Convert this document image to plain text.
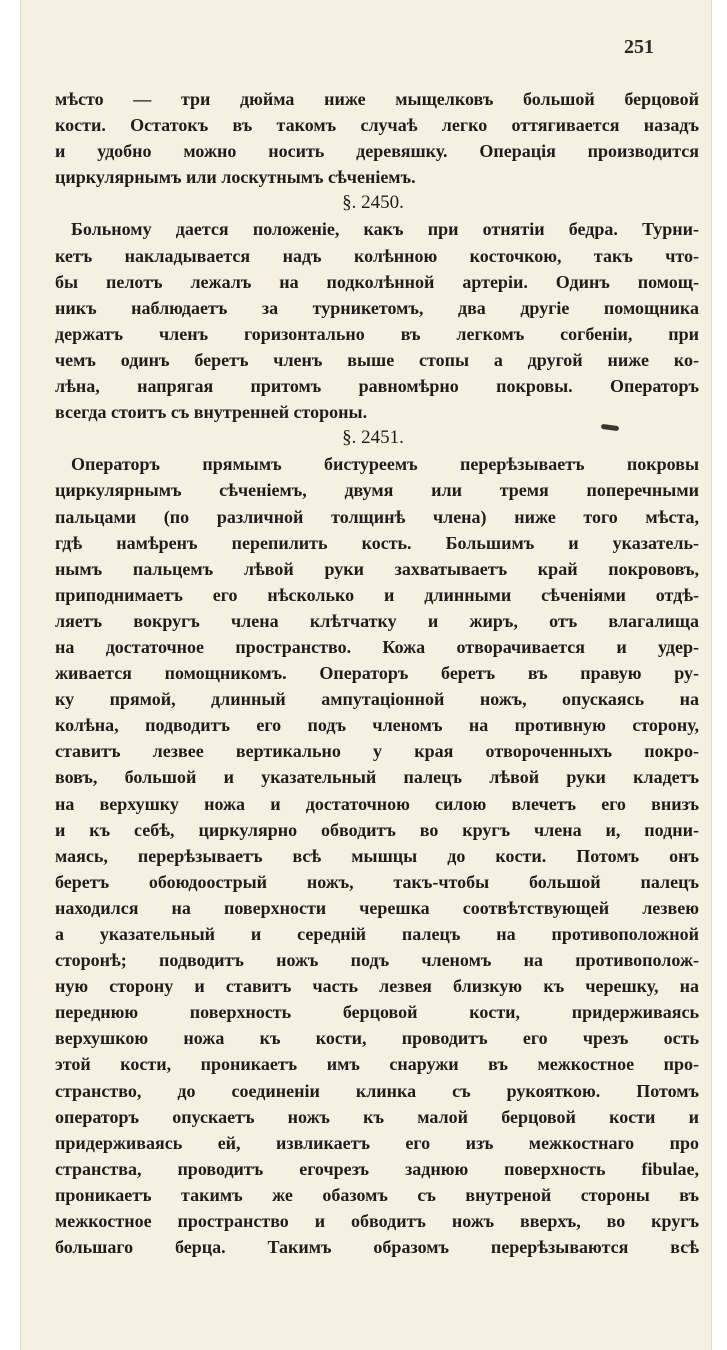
251
мѣсто — три дюйма ниже мыщелковъ большой берцовой
кости. Остатокъ въ такомъ случаѣ легко оттягивается назадъ
и удобно можно носить деревяшку. Операція производится
циркулярнымъ или лоскутнымъ сѣченіемъ.
§. 2450.
Больному дается положеніе, какъ при отнятіи бедра. Турни-
кетъ накладывается надъ колѣнною косточкою, такъ что-
бы пелотъ лежалъ на подколѣнной артеріи. Одинъ помощ-
никъ наблюдаетъ за турникетомъ, два другіе помощника
держатъ членъ горизонтально въ легкомъ согбеніи, при
чемъ одинъ беретъ членъ выше стопы а другой ниже ко-
лѣна, напрягая притомъ равномѣрно покровы. Операторъ
всегда стоитъ съ внутренней стороны.
§. 2451.
Операторъ прямымъ бистуреемъ перерѣзываетъ покровы
циркулярнымъ сѣченіемъ, двумя или тремя поперечными
пальцами (по различной толщинѣ члена) ниже того мѣста,
гдѣ намѣренъ перепилить кость. Большимъ и указатель-
нымъ пальцемъ лѣвой руки захватываетъ край покрововъ,
приподнимаетъ его нѣсколько и длинными сѣченіями отдѣ-
ляетъ вокругъ члена клѣтчатку и жиръ, отъ влагалища
на достаточное пространство. Кожа отворачивается и удер-
живается помощникомъ. Операторъ беретъ въ правую ру-
ку прямой, длинный ампутаціонной ножъ, опускаясь на
колѣна, подводитъ его подъ членомъ на противную сторону,
ставитъ лезвее вертикально у края отвороченныхъ покро-
вовъ, большой и указательный палецъ лѣвой руки кладетъ
на верхушку ножа и достаточною силою влечетъ его внизъ
и къ себѣ, циркулярно обводитъ во кругъ члена и, подни-
маясь, перерѣзываетъ всѣ мышцы до кости. Потомъ онъ
беретъ обоюдоострый ножъ, такъ-чтобы большой палецъ
находился на поверхности черешка соотвѣтствующей лезвею
а указательный и середній палецъ на противоположной
сторонѣ; подводитъ ножъ подъ членомъ на противополож-
ную сторону и ставитъ часть лезвея близкую къ черешку, на
переднюю поверхность берцовой кости, придерживаясь
верхушкою ножа къ кости, проводитъ его чрезъ ость
этой кости, проникаетъ имъ снаружи въ межкостное про-
странство, до соединеніи клинка съ рукояткою. Потомъ
операторъ опускаетъ ножъ къ малой берцовой кости и
придерживаясь ей, извликаетъ его изъ межкостнаго про
странства, проводитъ егочрезъ заднюю поверхность fibulae,
проникаетъ такимъ же обазомъ съ внутреной стороны въ
межкостное пространство и обводитъ ножъ вверхъ, во кругъ
большаго берца. Такимъ образомъ перерѣзываются всѣ
